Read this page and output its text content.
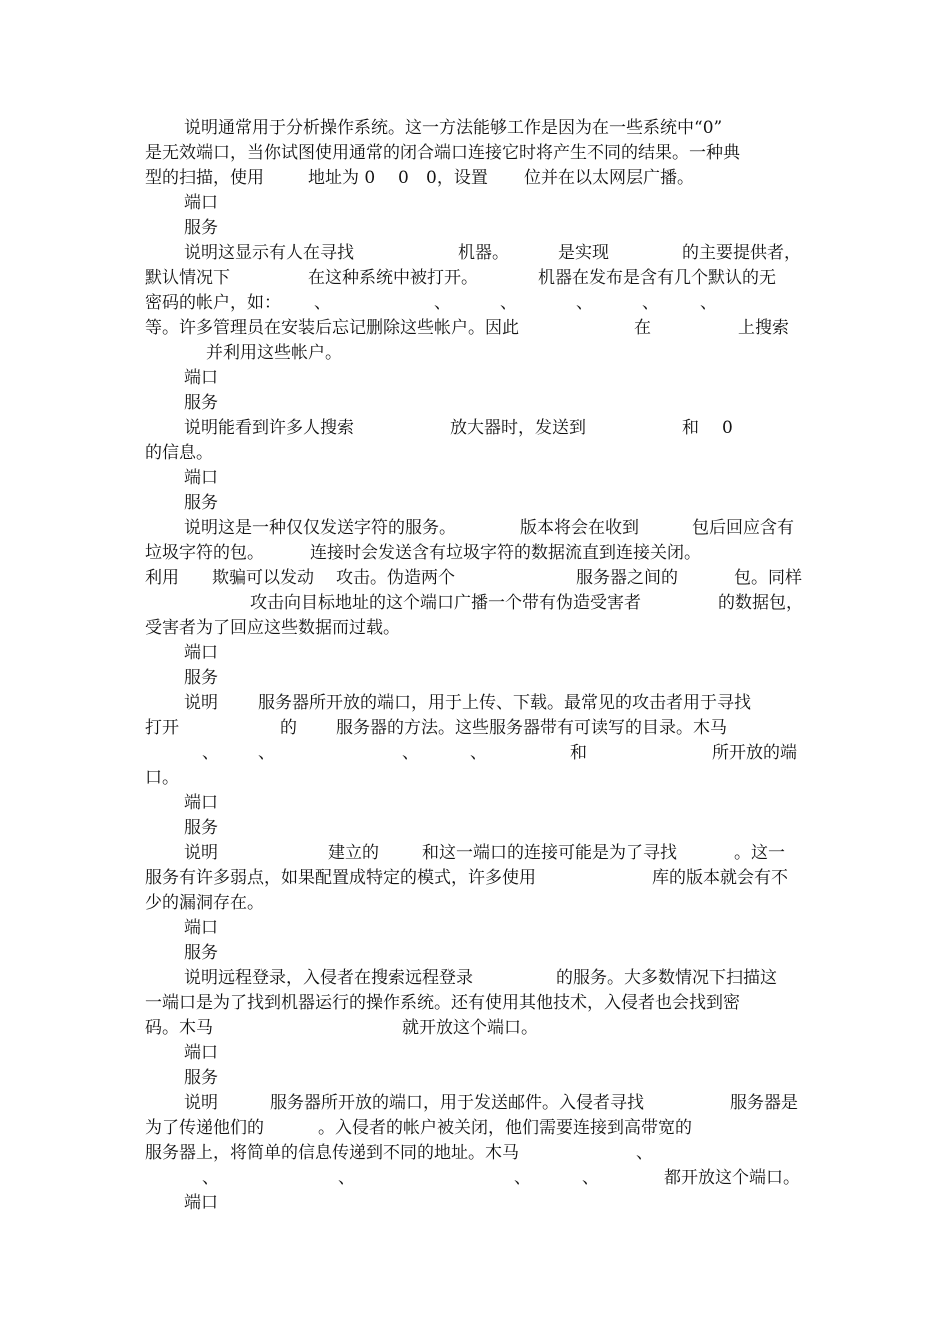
说明通常用于分析操作系统。这一方法能够工作是因为在一些系统中“0”

是无效端口，当你试图使用通常的闭合端口连接它时将产生不同的结果。一种典

型的扫描，使用

	地址为 0

0

0，设置

位并在以太网层广播。

端口

服务

说明这显示有人在寻找

	机器。

	是实现

	的主要提供者，

默认情况下

	在这种系统中被打开。

	机器在发布是含有几个默认的无

密码的帐户，如：

、

	、

	、

	、

	、

、

等。许多管理员在安装后忘记删除这些帐户。因此

	在

	上搜索

并利用这些帐户。

端口

服务

说明能看到许多人搜索

	放大器时，发送到

	和

0

的信息。

端口

服务

说明这是一种仅仅发送字符的服务。

	版本将会在收到

	包后回应含有

垃圾字符的包。

	连接时会发送含有垃圾字符的数据流直到连接关闭。

利用

欺骗可以发动

攻击。伪造两个

	服务器之间的

	包。同样

攻击向目标地址的这个端口广播一个带有伪造受害者

	的数据包，

受害者为了回应这些数据而过载。

端口

服务

说明

服务器所开放的端口，用于上传、下载。最常见的攻击者用于寻找

打开

	的

服务器的方法。这些服务器带有可读写的目录。木马

、

、

	、

	、

	和

	所开放的端

口。

端口

服务

说明

	建立的

	和这一端口的连接可能是为了寻找

	。这一

服务有许多弱点，如果配置成特定的模式，许多使用

	库的版本就会有不

少的漏洞存在。

端口

服务

说明远程登录，入侵者在搜索远程登录

	的服务。大多数情况下扫描这

一端口是为了找到机器运行的操作系统。还有使用其他技术，入侵者也会找到密

码。木马

	就开放这个端口。

端口

服务

说明

	服务器所开放的端口，用于发送邮件。入侵者寻找

	服务器是

为了传递他们的

	。入侵者的帐户被关闭，他们需要连接到高带宽的

服务器上，将简单的信息传递到不同的地址。木马

	、

、

	、

	、

	、

	都开放这个端口。

端口
